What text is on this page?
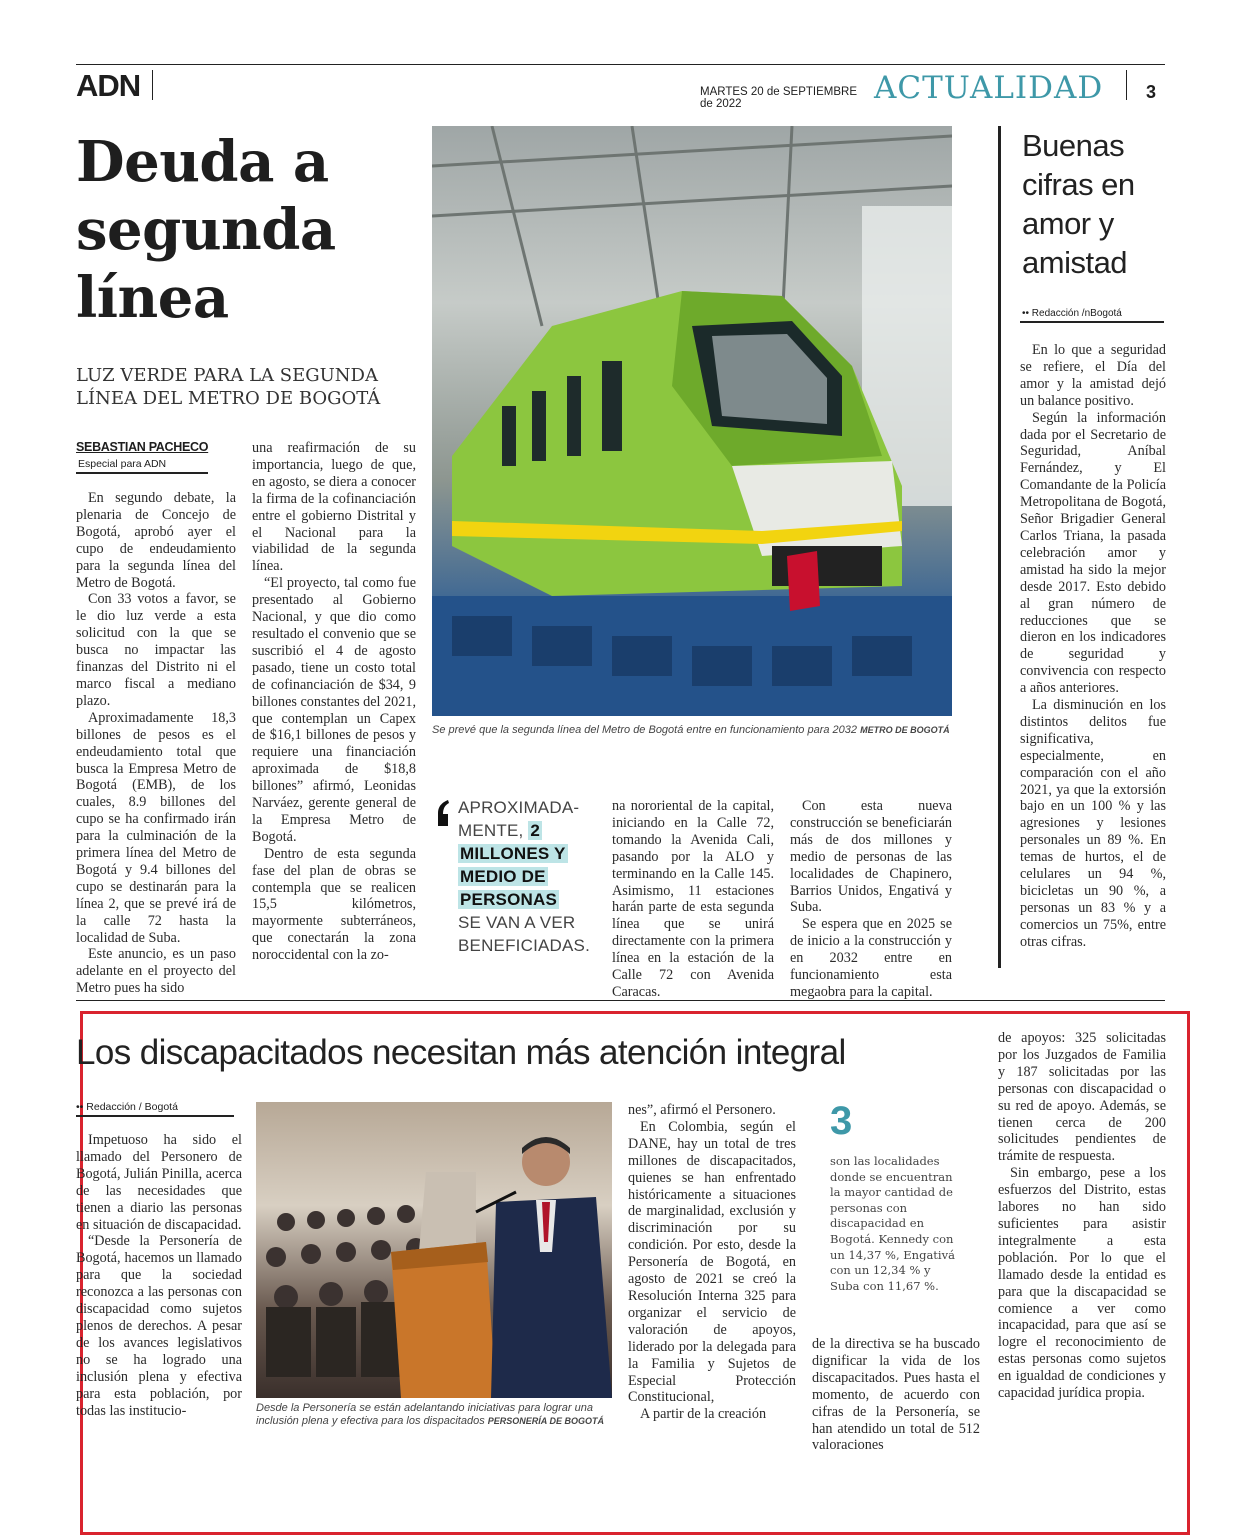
ADN	MARTES 20 de SEPTIEMBRE de 2022	ACTUALIDAD 3
Deuda a
segunda
línea
LUZ VERDE PARA LA SEGUNDA
LÍNEA DEL METRO DE BOGOTÁ
SEBASTIAN PACHECO
Especial para ADN

En segundo debate, la plenaria de Concejo de Bogotá, aprobó ayer el cupo de endeudamiento para la segunda línea del Metro de Bogotá.

Con 33 votos a favor, se le dio luz verde a esta solicitud con la que se busca no impactar las finanzas del Distrito ni el marco fiscal a mediano plazo.

Aproximadamente 18,3 billones de pesos es el endeudamiento total que busca la Empresa Metro de Bogotá (EMB), de los cuales, 8.9 billones del cupo se ha confirmado irán para la culminación de la primera línea del Metro de Bogotá y 9.4 billones del cupo se destinarán para la línea 2, que se prevé irá de la calle 72 hasta la localidad de Suba.

Este anuncio, es un paso adelante en el proyecto del Metro pues ha sido

una reafirmación de su importancia, luego de que, en agosto, se diera a conocer la firma de la cofinanciación entre el gobierno Distrital y el Nacional para la viabilidad de la segunda línea.

“El proyecto, tal como fue presentado al Gobierno Nacional, y que dio como resultado el convenio que se suscribió el 4 de agosto pasado, tiene un costo total de cofinanciación de $34, 9 billones constantes del 2021, que contemplan un Capex de $16,1 billones de pesos y requiere una financiación aproximada de $18,8 billones” afirmó, Leonidas Narváez, gerente general de la Empresa Metro de Bogotá.

Dentro de esta segunda fase del plan de obras se contempla que se realicen 15,5 kilómetros, mayormente subterráneos, que conectarán la zona noroccidental con la zo-

Se prevé que la segunda línea del Metro de Bogotá entre en funcionamiento para 2032 METRO DE BOGOTÁ
APROXIMADA-MENTE, 2
MILLONES Y
MEDIO DE
PERSONAS
SE VAN A VER BENEFICIADAS.

na nororiental de la capital, iniciando en la Calle 72, tomando la Avenida Cali, pasando por la ALO y terminando en la Calle 145. Asimismo, 11 estaciones harán parte de esta segunda línea que se unirá directamente con la primera línea en la estación de la Calle 72 con Avenida Caracas.

Con esta nueva construcción se beneficiarán más de dos millones y medio de personas de las localidades de Chapinero, Barrios Unidos, Engativá y Suba.

Se espera que en 2025 se de inicio a la construcción y en 2032 entre en funcionamiento esta megaobra para la capital.

Buenas
cifras en
amor y
amistad
•• Redacción /nBogotá

En lo que a seguridad se refiere, el Día del amor y la amistad dejó un balance positivo.

Según la información dada por el Secretario de Seguridad, Aníbal Fernández, y El Comandante de la Policía Metropolitana de Bogotá, Señor Brigadier General Carlos Triana, la pasada celebración amor y amistad ha sido la mejor desde 2017. Esto debido al gran número de reducciones que se dieron en los indicadores de seguridad y convivencia con respecto a años anteriores.

La disminución en los distintos delitos fue significativa, especialmente, en comparación con el año 2021, ya que la extorsión bajo en un 100 % y las agresiones y lesiones personales un 89 %. En temas de hurtos, el de celulares un 94 %, bicicletas un 90 %, a personas un 83 % y a comercios un 75%, entre otras cifras.

Los discapacitados necesitan más atención integral
•• Redacción / Bogotá

Impetuoso ha sido el llamado del Personero de Bogotá, Julián Pinilla, acerca de las necesidades que tienen a diario las personas en situación de discapacidad.

“Desde la Personería de Bogotá, hacemos un llamado para que la sociedad reconozca a las personas con discapacidad como sujetos plenos de derechos. A pesar de los avances legislativos no se ha logrado una inclusión plena y efectiva para esta población, por todas las institucio-	Desde la Personería se están adelantando iniciativas para lograr una inclusión plena y efectiva para los dispacitados PERSONERÍA DE BOGOTÁ

nes”, afirmó el Personero.

En Colombia, según el DANE, hay un total de tres millones de discapacitados, quienes se han enfrentado históricamente a situaciones de marginalidad, exclusión y discriminación por su condición. Por esto, desde la Personería de Bogotá, en agosto de 2021 se creó la Resolución Interna 325 para organizar el servicio de valoración de apoyos, liderado por la delegada para la Familia y Sujetos de Especial Protección Constitucional,

A partir de la creación

3
son las localidades donde se encuentran la mayor cantidad de personas con discapacidad en Bogotá. Kennedy con un 14,37 %, Engativá con un 12,34 % y Suba con 11,67 %.

de la directiva se ha buscado dignificar la vida de los discapacitados. Pues hasta el momento, de acuerdo con cifras de la Personería, se han atendido un total de 512 valoraciones

de apoyos: 325 solicitadas por los Juzgados de Familia y 187 solicitadas por las personas con discapacidad o su red de apoyo. Además, se tienen cerca de 200 solicitudes pendientes de trámite de respuesta.

Sin embargo, pese a los esfuerzos del Distrito, estas labores no han sido suficientes para asistir integralmente a esta población. Por lo que el llamado desde la entidad es para que la discapacidad se comience a ver como incapacidad, para que así se logre el reconocimiento de estas personas como sujetos en igualdad de condiciones y capacidad jurídica propia.
